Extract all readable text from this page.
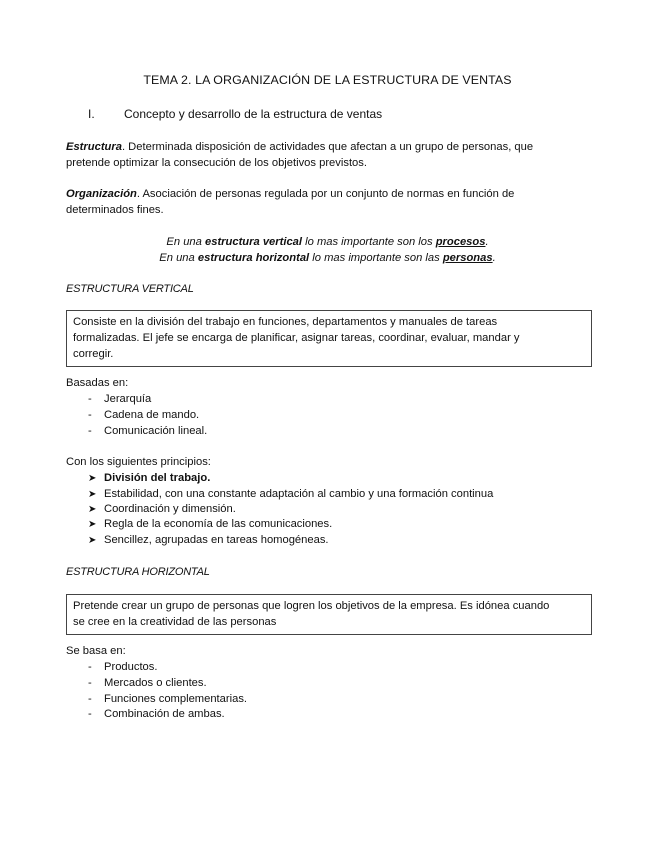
TEMA 2. LA ORGANIZACIÓN DE LA ESTRUCTURA DE VENTAS
I. Concepto y desarrollo de la estructura de ventas
Estructura. Determinada disposición de actividades que afectan a un grupo de personas, que
pretende optimizar la consecución de los objetivos previstos.
Organización. Asociación de personas regulada por un conjunto de normas en función de
determinados fines.
En una estructura vertical lo mas importante son los procesos.
En una estructura horizontal lo mas importante son las personas.
ESTRUCTURA VERTICAL
Consiste en la división del trabajo en funciones, departamentos y manuales de tareas
formalizadas. El jefe se encarga de planificar, asignar tareas, coordinar, evaluar, mandar y
corregir.
Basadas en:
- Jerarquía
- Cadena de mando.
- Comunicación lineal.
Con los siguientes principios:
➤ División del trabajo.
➤ Estabilidad, con una constante adaptación al cambio y una formación continua
➤ Coordinación y dimensión.
➤ Regla de la economía de las comunicaciones.
➤ Sencillez, agrupadas en tareas homogéneas.
ESTRUCTURA HORIZONTAL
Pretende crear un grupo de personas que logren los objetivos de la empresa. Es idónea cuando
se cree en la creatividad de las personas
Se basa en:
- Productos.
- Mercados o clientes.
- Funciones complementarias.
- Combinación de ambas.
